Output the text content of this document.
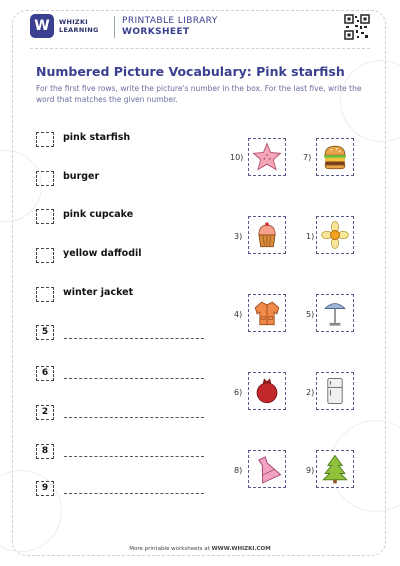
W	WHIZKI
LEARNING
PRINTABLE LIBRARY
WORKSHEET
Numbered Picture Vocabulary: Pink starfish
For the first five rows, write the picture's number in the box. For the last five, write the word that matches the given number.
pink starfish
burger
pink cupcake
yellow daffodil
winter jacket
5
6
2
8
9
10)
3)
4)
6)
8)
7)
1)
5)
2)
9)
More printable worksheets at WWW.WHIZKI.COM
